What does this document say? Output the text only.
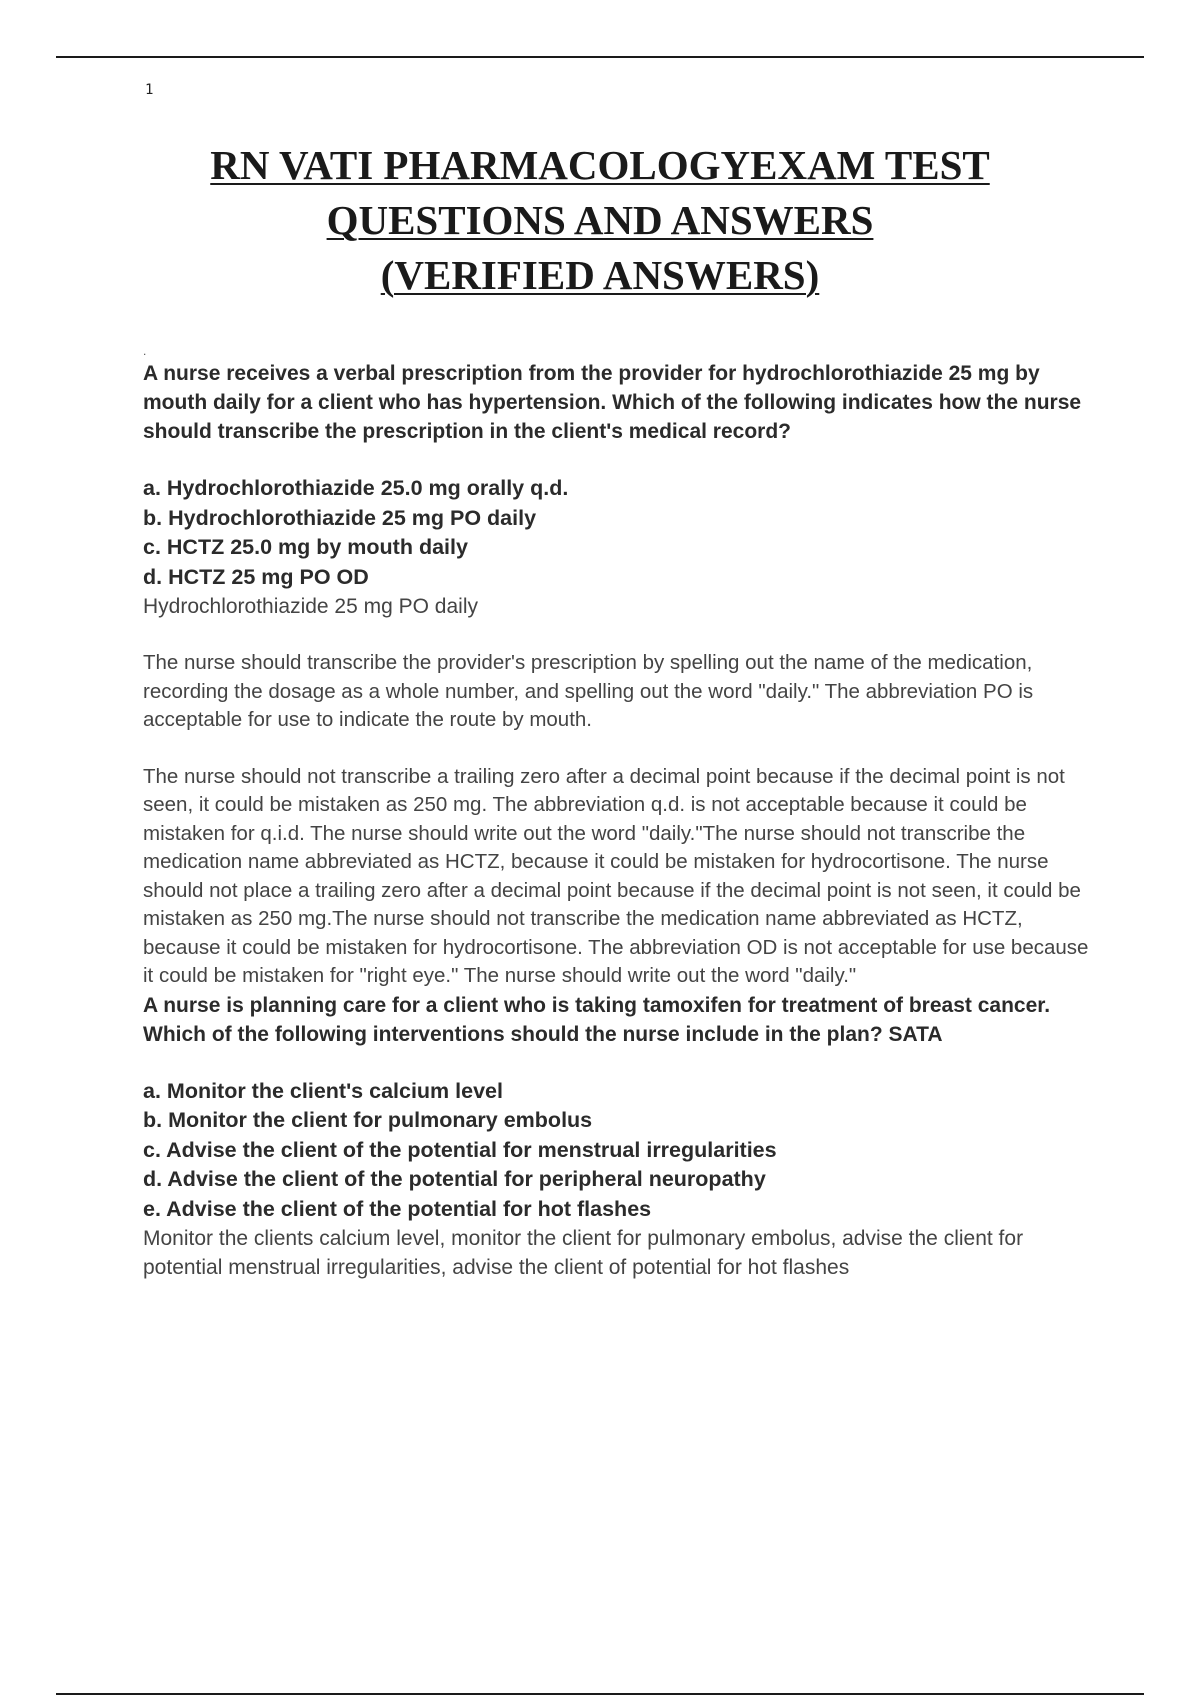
1
RN VATI PHARMACOLOGYEXAM TEST
QUESTIONS AND ANSWERS
(VERIFIED ANSWERS)
.

A nurse receives a verbal prescription from the provider for hydrochlorothiazide 25 mg by mouth daily for a client who has hypertension. Which of the following indicates how the nurse should transcribe the prescription in the client's medical record?

a. Hydrochlorothiazide 25.0 mg orally q.d.
b. Hydrochlorothiazide 25 mg PO daily
c. HCTZ 25.0 mg by mouth daily
d. HCTZ 25 mg PO OD

Hydrochlorothiazide 25 mg PO daily

The nurse should transcribe the provider's prescription by spelling out the name of the medication, recording the dosage as a whole number, and spelling out the word "daily." The abbreviation PO is acceptable for use to indicate the route by mouth.

The nurse should not transcribe a trailing zero after a decimal point because if the decimal point is not seen, it could be mistaken as 250 mg. The abbreviation q.d. is not acceptable because it could be mistaken for q.i.d. The nurse should write out the word "daily."The nurse should not transcribe the medication name abbreviated as HCTZ, because it could be mistaken for hydrocortisone. The nurse should not place a trailing zero after a decimal point because if the decimal point is not seen, it could be mistaken as 250 mg.The nurse should not transcribe the medication name abbreviated as HCTZ, because it could be mistaken for hydrocortisone. The abbreviation OD is not acceptable for use because it could be mistaken for "right eye." The nurse should write out the word "daily."

A nurse is planning care for a client who is taking tamoxifen for treatment of breast cancer. Which of the following interventions should the nurse include in the plan? SATA

a. Monitor the client's calcium level
b. Monitor the client for pulmonary embolus
c. Advise the client of the potential for menstrual irregularities
d. Advise the client of the potential for peripheral neuropathy
e. Advise the client of the potential for hot flashes

Monitor the clients calcium level, monitor the client for pulmonary embolus, advise the client for potential menstrual irregularities, advise the client of potential for hot flashes
